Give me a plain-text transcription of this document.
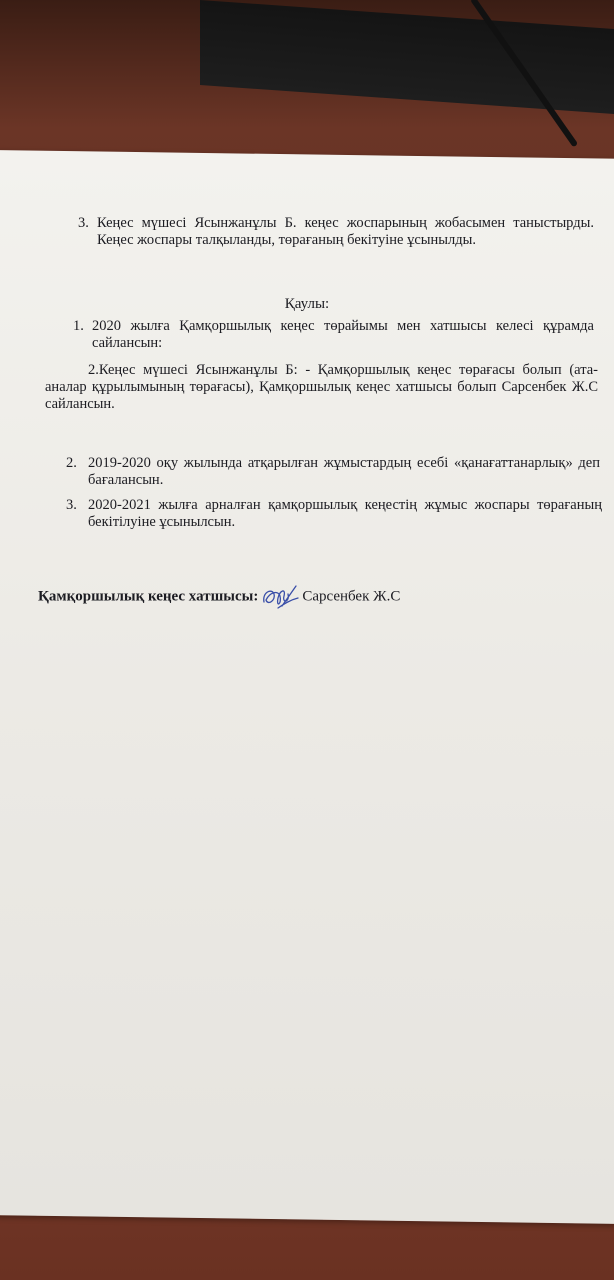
3. Кеңес мүшесі Ясынжанұлы Б. кеңес жоспарының жобасымен таныстырды. Кеңес жоспары талқыланды, төрағаның бекітуіне ұсынылды.

Қаулы:
1. 2020 жылға Қамқоршылық кеңес төрайымы мен хатшысы келесі құрамда сайлансын:

2.Кеңес мүшесі Ясынжанұлы Б: - Қамқоршылық кеңес төрағасы болып (ата-аналар құрылымының төрағасы), Қамқоршылық кеңес хатшысы болып Сарсенбек Ж.С сайлансын.

2. 2019-2020 оқу жылында атқарылған жұмыстардың есебі «қанағаттанарлық» деп бағалансын.

3. 2020-2021 жылға арналған қамқоршылық кеңестің жұмыс жоспары төрағаның бекітілуіне ұсынылсын.

Қамқоршылық кеңес хатшысы:	Сарсенбек Ж.С
